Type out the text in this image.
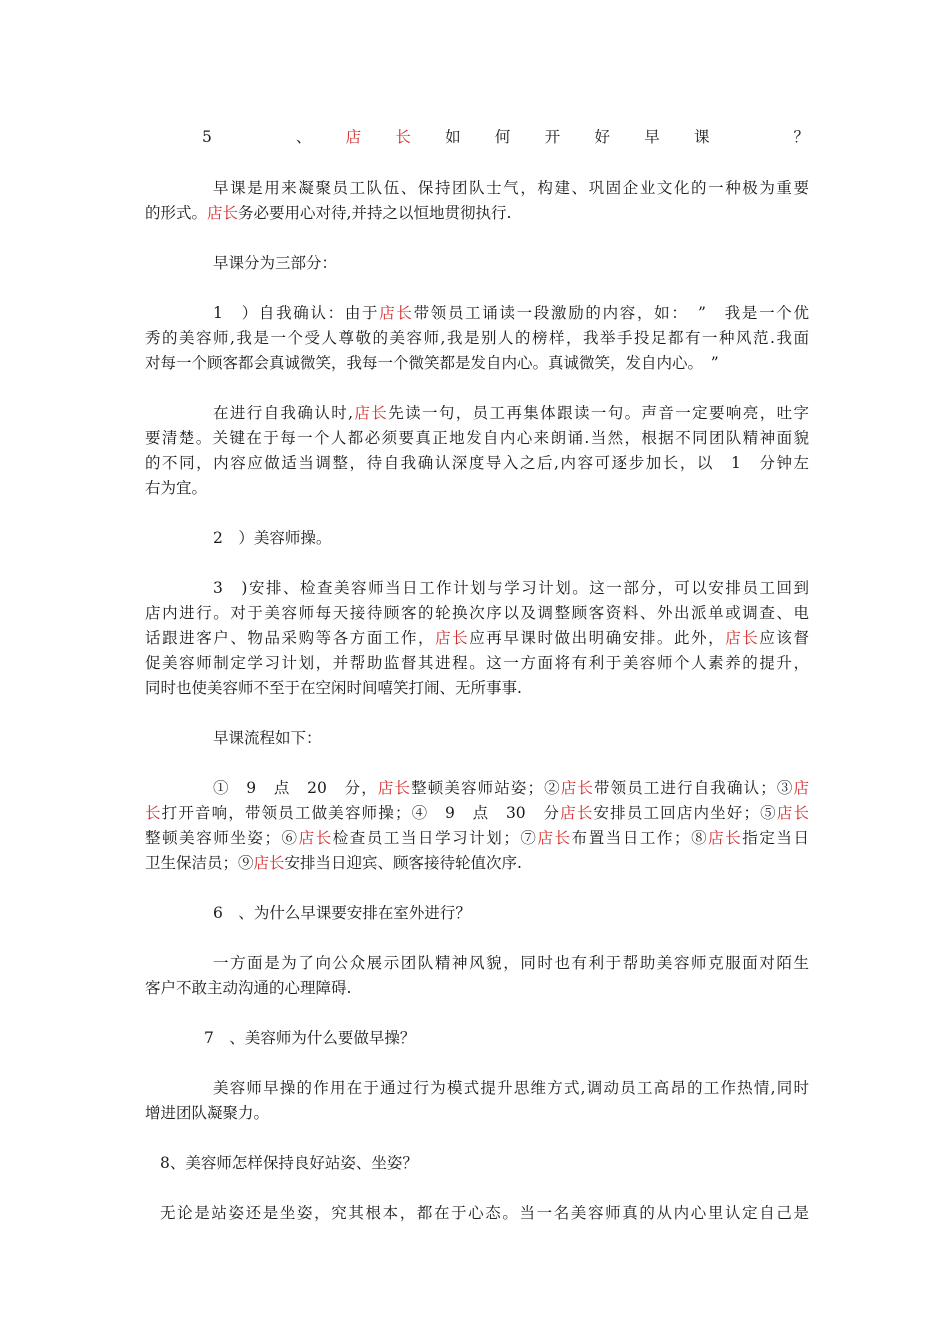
5　、店长如何开好早课　？
早课是用来凝聚员工队伍、保持团队士气，构建、巩固企业文化的一种极为重要
的形式。店长务必要用心对待,并持之以恒地贯彻执行.
早课分为三部分：
1　）自我确认：由于店长带领员工诵读一段激励的内容，如：　”　我是一个优
秀的美容师,我是一个受人尊敬的美容师,我是别人的榜样，我举手投足都有一种风范.我面
对每一个顾客都会真诚微笑，我每一个微笑都是发自内心。真诚微笑，发自内心。　”
在进行自我确认时,店长先读一句，员工再集体跟读一句。声音一定要响亮，吐字
要清楚。关键在于每一个人都必须要真正地发自内心来朗诵.当然，根据不同团队精神面貌
的不同，内容应做适当调整，待自我确认深度导入之后,内容可逐步加长，以　1　分钟左
右为宜。
2　）美容师操。
3　)安排、检查美容师当日工作计划与学习计划。这一部分，可以安排员工回到
店内进行。对于美容师每天接待顾客的轮换次序以及调整顾客资料、外出派单或调查、电
话跟进客户、物品采购等各方面工作，店长应再早课时做出明确安排。此外，店长应该督
促美容师制定学习计划，并帮助监督其进程。这一方面将有利于美容师个人素养的提升，
同时也使美容师不至于在空闲时间嘻笑打闹、无所事事.
早课流程如下：
①　9　点　20　分，店长整顿美容师站姿；②店长带领员工进行自我确认；③店
长打开音响，带领员工做美容师操；④　9　点　30　分店长安排员工回店内坐好；⑤店长
整顿美容师坐姿；⑥店长检查员工当日学习计划；⑦店长布置当日工作；⑧店长指定当日
卫生保洁员；⑨店长安排当日迎宾、顾客接待轮值次序.
6　、为什么早课要安排在室外进行？
一方面是为了向公众展示团队精神风貌，同时也有利于帮助美容师克服面对陌生
客户不敢主动沟通的心理障碍.
7　、美容师为什么要做早操？
美容师早操的作用在于通过行为模式提升思维方式,调动员工高昂的工作热情,同时
增进团队凝聚力。
8、美容师怎样保持良好站姿、坐姿？
无论是站姿还是坐姿，究其根本，都在于心态。当一名美容师真的从内心里认定自己是
